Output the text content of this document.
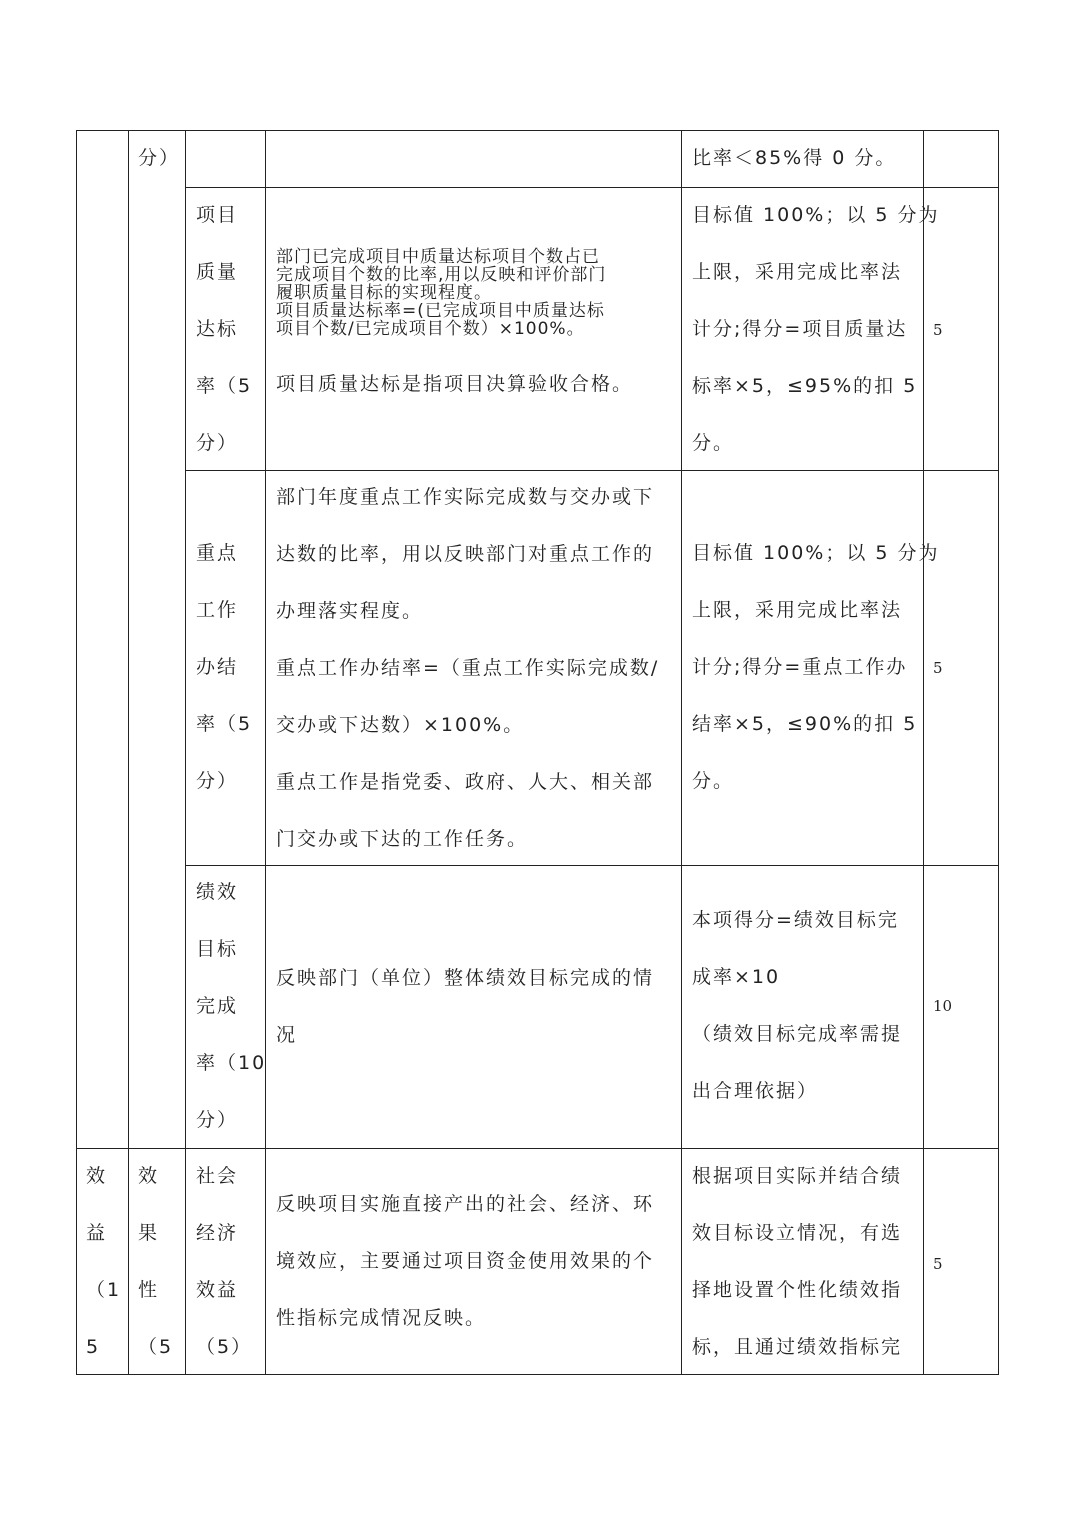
分）	比率＜85%得 0 分。
项目
质量
达标
率（5
分）
部门已完成项目中质量达标项目个数占已
完成项目个数的比率,用以反映和评价部门
履职质量目标的实现程度。
项目质量达标率=(已完成项目中质量达标
项目个数/已完成项目个数）×100%。
项目质量达标是指项目决算验收合格。
目标值 100%；以 5 分为
上限，采用完成比率法
计分;得分=项目质量达
标率×5，≤95%的扣 5
分。
5
重点
工作
办结
率（5
分）
部门年度重点工作实际完成数与交办或下
达数的比率，用以反映部门对重点工作的
办理落实程度。
重点工作办结率=（重点工作实际完成数/
交办或下达数）×100%。
重点工作是指党委、政府、人大、相关部
门交办或下达的工作任务。
目标值 100%；以 5 分为
上限，采用完成比率法
计分;得分=重点工作办
结率×5，≤90%的扣 5
分。
5
绩效
目标
完成
率（10
分）
反映部门（单位）整体绩效目标完成的情
况
本项得分=绩效目标完
成率×10
（绩效目标完成率需提
出合理依据）
10
效
益
（1
5
效
果
性
（5
社会
经济
效益
（5）
反映项目实施直接产出的社会、经济、环
境效应，主要通过项目资金使用效果的个
性指标完成情况反映。
根据项目实际并结合绩
效目标设立情况，有选
择地设置个性化绩效指
标，且通过绩效指标完
5
